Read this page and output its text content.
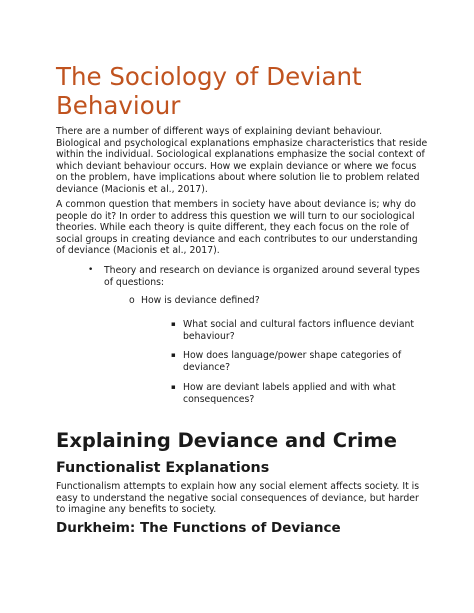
The Sociology of Deviant Behaviour

There are a number of different ways of explaining deviant behaviour. Biological and psychological explanations emphasize characteristics that reside within the individual. Sociological explanations emphasize the social context of which deviant behaviour occurs. How we explain deviance or where we focus on the problem, have implications about where solution lie to problem related deviance (Macionis et al., 2017).

A common question that members in society have about deviance is; why do people do it? In order to address this question we will turn to our sociological theories. While each theory is quite different, they each focus on the role of social groups in creating deviance and each contributes to our understanding of deviance (Macionis et al., 2017).

• Theory and research on deviance is organized around several types of questions:

o How is deviance defined?

▪ What social and cultural factors influence deviant behaviour?

▪ How does language/power shape categories of deviance?

▪ How are deviant labels applied and with what consequences?

Explaining Deviance and Crime
Functionalist Explanations

Functionalism attempts to explain how any social element affects society. It is easy to understand the negative social consequences of deviance, but harder to imagine any benefits to society.

Durkheim: The Functions of Deviance
